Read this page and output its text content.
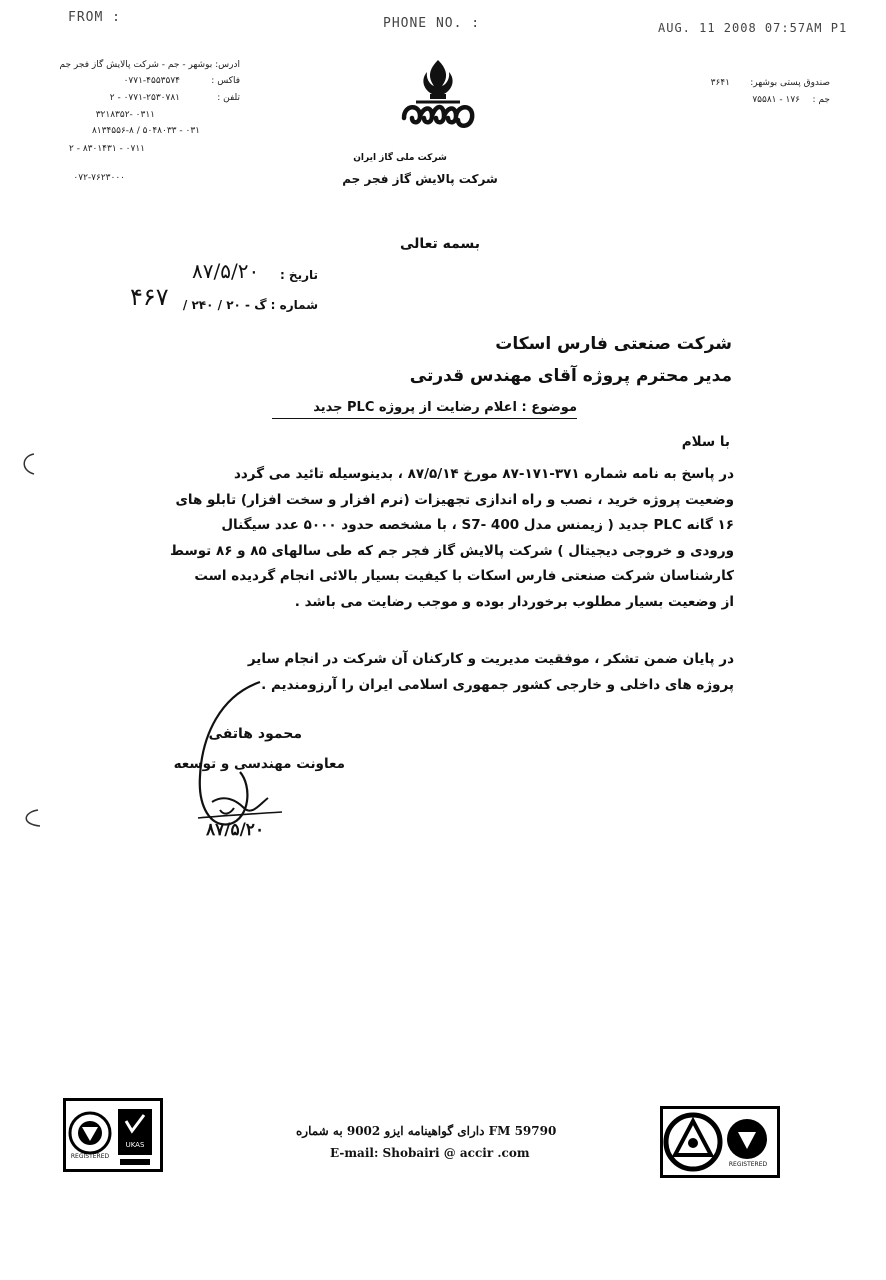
FROM :	PHONE NO. :	AUG. 11 2008 07:57AM P1
ادرس: بوشهر - جم - شرکت پالایش گاز فجر جم
فاکس :
۰۷۷۱-۴۵۵۳۵۷۴
تلفن :
۰۷۷۱-۲۵۳۰۷۸۱ - ۲
۰۳۱۱ -۳۲۱۸۳۵۲
۰۳۱ - ۵۰۴۸۰۳۳ / ۸۱۳۴۵۵۶-۸
۰۷۱۱ - ۸۳۰۱۴۳۱ - ۲
۰۷۲-۷۶۲۳۰۰۰
صندوق پستی بوشهر:
۳۶۴۱
جم :
۱۷۶ - ۷۵۵۸۱
شرکت ملی گاز ایران
شرکت پالایش گاز فجر جم
بسمه تعالی
تاریخ :
۸۷/۵/۲۰
شماره : گ - ۲۰ / ۲۴۰ /
۴۶۷
شرکت صنعتی فارس اسکات
مدیر محترم پروژه آقای مهندس قدرتی
موضوع : اعلام رضایت از پروژه PLC جدید
با سلام
در پاسخ به نامه شماره ۳۷۱-۱۷۱-۸۷ مورخ ۸۷/۵/۱۴ ، بدینوسیله تائید می گردد
وضعیت پروژه خرید ، نصب و راه اندازی تجهیزات (نرم افزار و سخت افزار) تابلو های
۱۶ گانه PLC جدید ( زیمنس مدل S7- 400 ، با مشخصه حدود ۵۰۰۰ عدد سیگنال
ورودی و خروجی دیجیتال ) شرکت پالایش گاز فجر جم که طی سالهای ۸۵ و ۸۶ توسط
کارشناسان شرکت صنعتی فارس اسکات با کیفیت بسیار بالائی انجام گردیده است
از وضعیت بسیار مطلوب برخوردار بوده و موجب رضایت می باشد .
در پایان ضمن تشکر ، موفقیت مدیریت و کارکنان آن شرکت در انجام سایر
پروژه های داخلی و خارجی کشور جمهوری اسلامی ایران را آرزومندیم .
محمود هاتفی
معاونت مهندسی و توسعه
۸۷/۵/۲۰
REGISTERED
UKAS
دارای گواهینامه ایزو 9002 به شماره FM 59790
E-mail: Shobairi @ accir .com
REGISTERED
